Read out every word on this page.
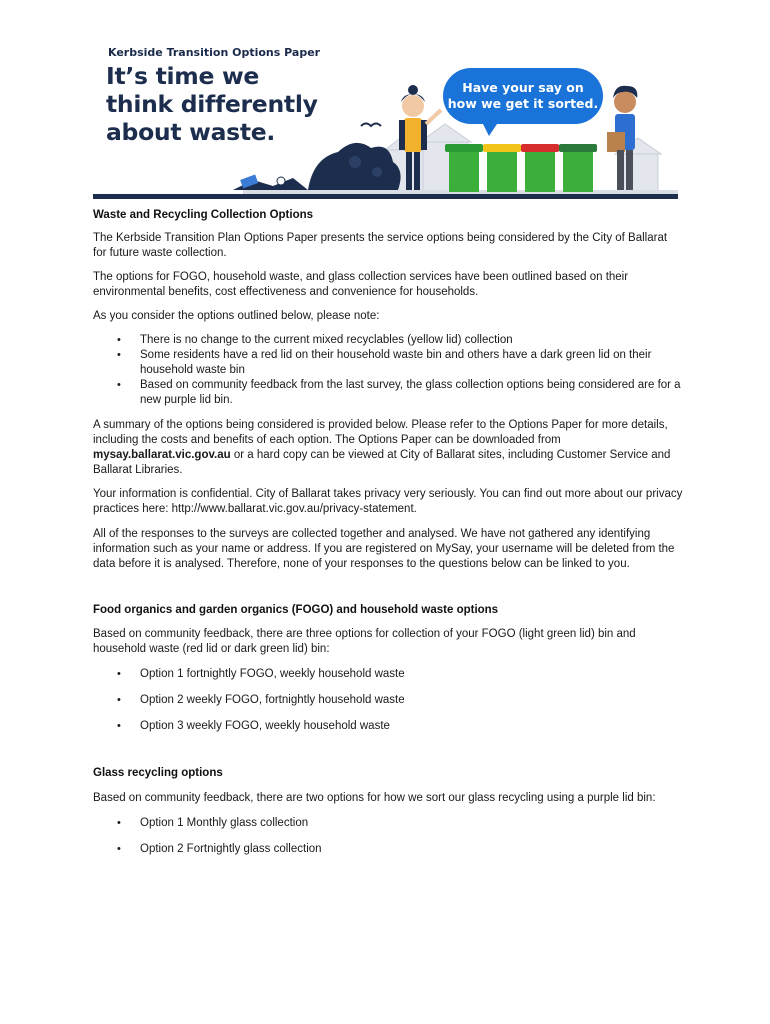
Kerbside Transition Options Paper
It’s time we
think differently
about waste.
Have your say on
how we get it sorted.
Waste and Recycling Collection Options

The Kerbside Transition Plan Options Paper presents the service options being considered by the City of Ballarat for future waste collection.

The options for FOGO, household waste, and glass collection services have been outlined based on their environmental benefits, cost effectiveness and convenience for households.

As you consider the options outlined below, please note:

• There is no change to the current mixed recyclables (yellow lid) collection
• Some residents have a red lid on their household waste bin and others have a dark green lid on their household waste bin
• Based on community feedback from the last survey, the glass collection options being considered are for a new purple lid bin.

A summary of the options being considered is provided below. Please refer to the Options Paper for more details, including the costs and benefits of each option. The Options Paper can be downloaded from mysay.ballarat.vic.gov.au or a hard copy can be viewed at City of Ballarat sites, including Customer Service and Ballarat Libraries.

Your information is confidential. City of Ballarat takes privacy very seriously. You can find out more about our privacy practices here: http://www.ballarat.vic.gov.au/privacy-statement.

All of the responses to the surveys are collected together and analysed. We have not gathered any identifying information such as your name or address. If you are registered on MySay, your username will be deleted from the data before it is analysed. Therefore, none of your responses to the questions below can be linked to you.

Food organics and garden organics (FOGO) and household waste options

Based on community feedback, there are three options for collection of your FOGO (light green lid) bin and household waste (red lid or dark green lid) bin:

• Option 1 fortnightly FOGO, weekly household waste
• Option 2 weekly FOGO, fortnightly household waste
• Option 3 weekly FOGO, weekly household waste
Glass recycling options

Based on community feedback, there are two options for how we sort our glass recycling using a purple lid bin:

• Option 1 Monthly glass collection
• Option 2 Fortnightly glass collection
